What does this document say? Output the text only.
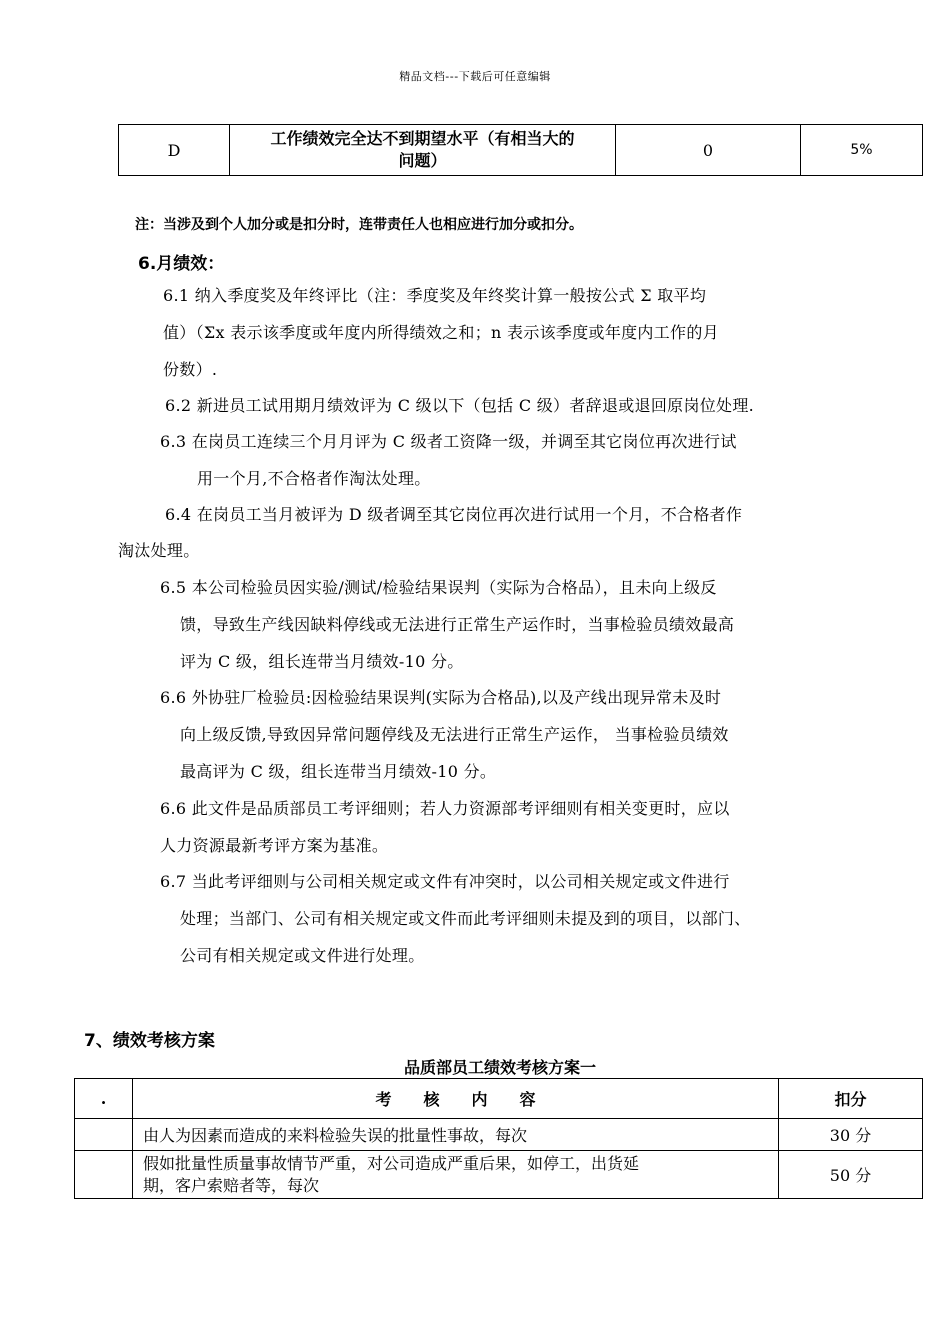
精品文档---下载后可任意编辑
D	工作绩效完全达不到期望水平（有相当大的
问题）	0	5%
注：当涉及到个人加分或是扣分时，连带责任人也相应进行加分或扣分。
6.月绩效：
6.1 纳入季度奖及年终评比（注：季度奖及年终奖计算一般按公式 Σ 取平均
值）（Σx 表示该季度或年度内所得绩效之和；n 表示该季度或年度内工作的月
份数）.
6.2 新进员工试用期月绩效评为 C 级以下（包括 C 级）者辞退或退回原岗位处理.
6.3 在岗员工连续三个月月评为 C 级者工资降一级，并调至其它岗位再次进行试
用一个月,不合格者作淘汰处理。
6.4 在岗员工当月被评为 D 级者调至其它岗位再次进行试用一个月，不合格者作
淘汰处理。
6.5 本公司检验员因实验/测试/检验结果误判（实际为合格品），且未向上级反
馈，导致生产线因缺料停线或无法进行正常生产运作时，当事检验员绩效最高
评为 C 级，组长连带当月绩效-10 分。
6.6 外协驻厂检验员:因检验结果误判(实际为合格品),以及产线出现异常未及时
向上级反馈,导致因异常问题停线及无法进行正常生产运作， 当事检验员绩效
最高评为 C 级，组长连带当月绩效-10 分。
6.6 此文件是品质部员工考评细则；若人力资源部考评细则有相关变更时，应以
人力资源最新考评方案为基准。
6.7 当此考评细则与公司相关规定或文件有冲突时，以公司相关规定或文件进行
处理；当部门、公司有相关规定或文件而此考评细则未提及到的项目，以部门、
公司有相关规定或文件进行处理。
7、绩效考核方案
品质部员工绩效考核方案一
.	考　　核　　内　　容	扣分
	由人为因素而造成的来料检验失误的批量性事故，每次	30 分
	假如批量性质量事故情节严重，对公司造成严重后果，如停工，出货延
期，客户索赔者等，每次	50 分
